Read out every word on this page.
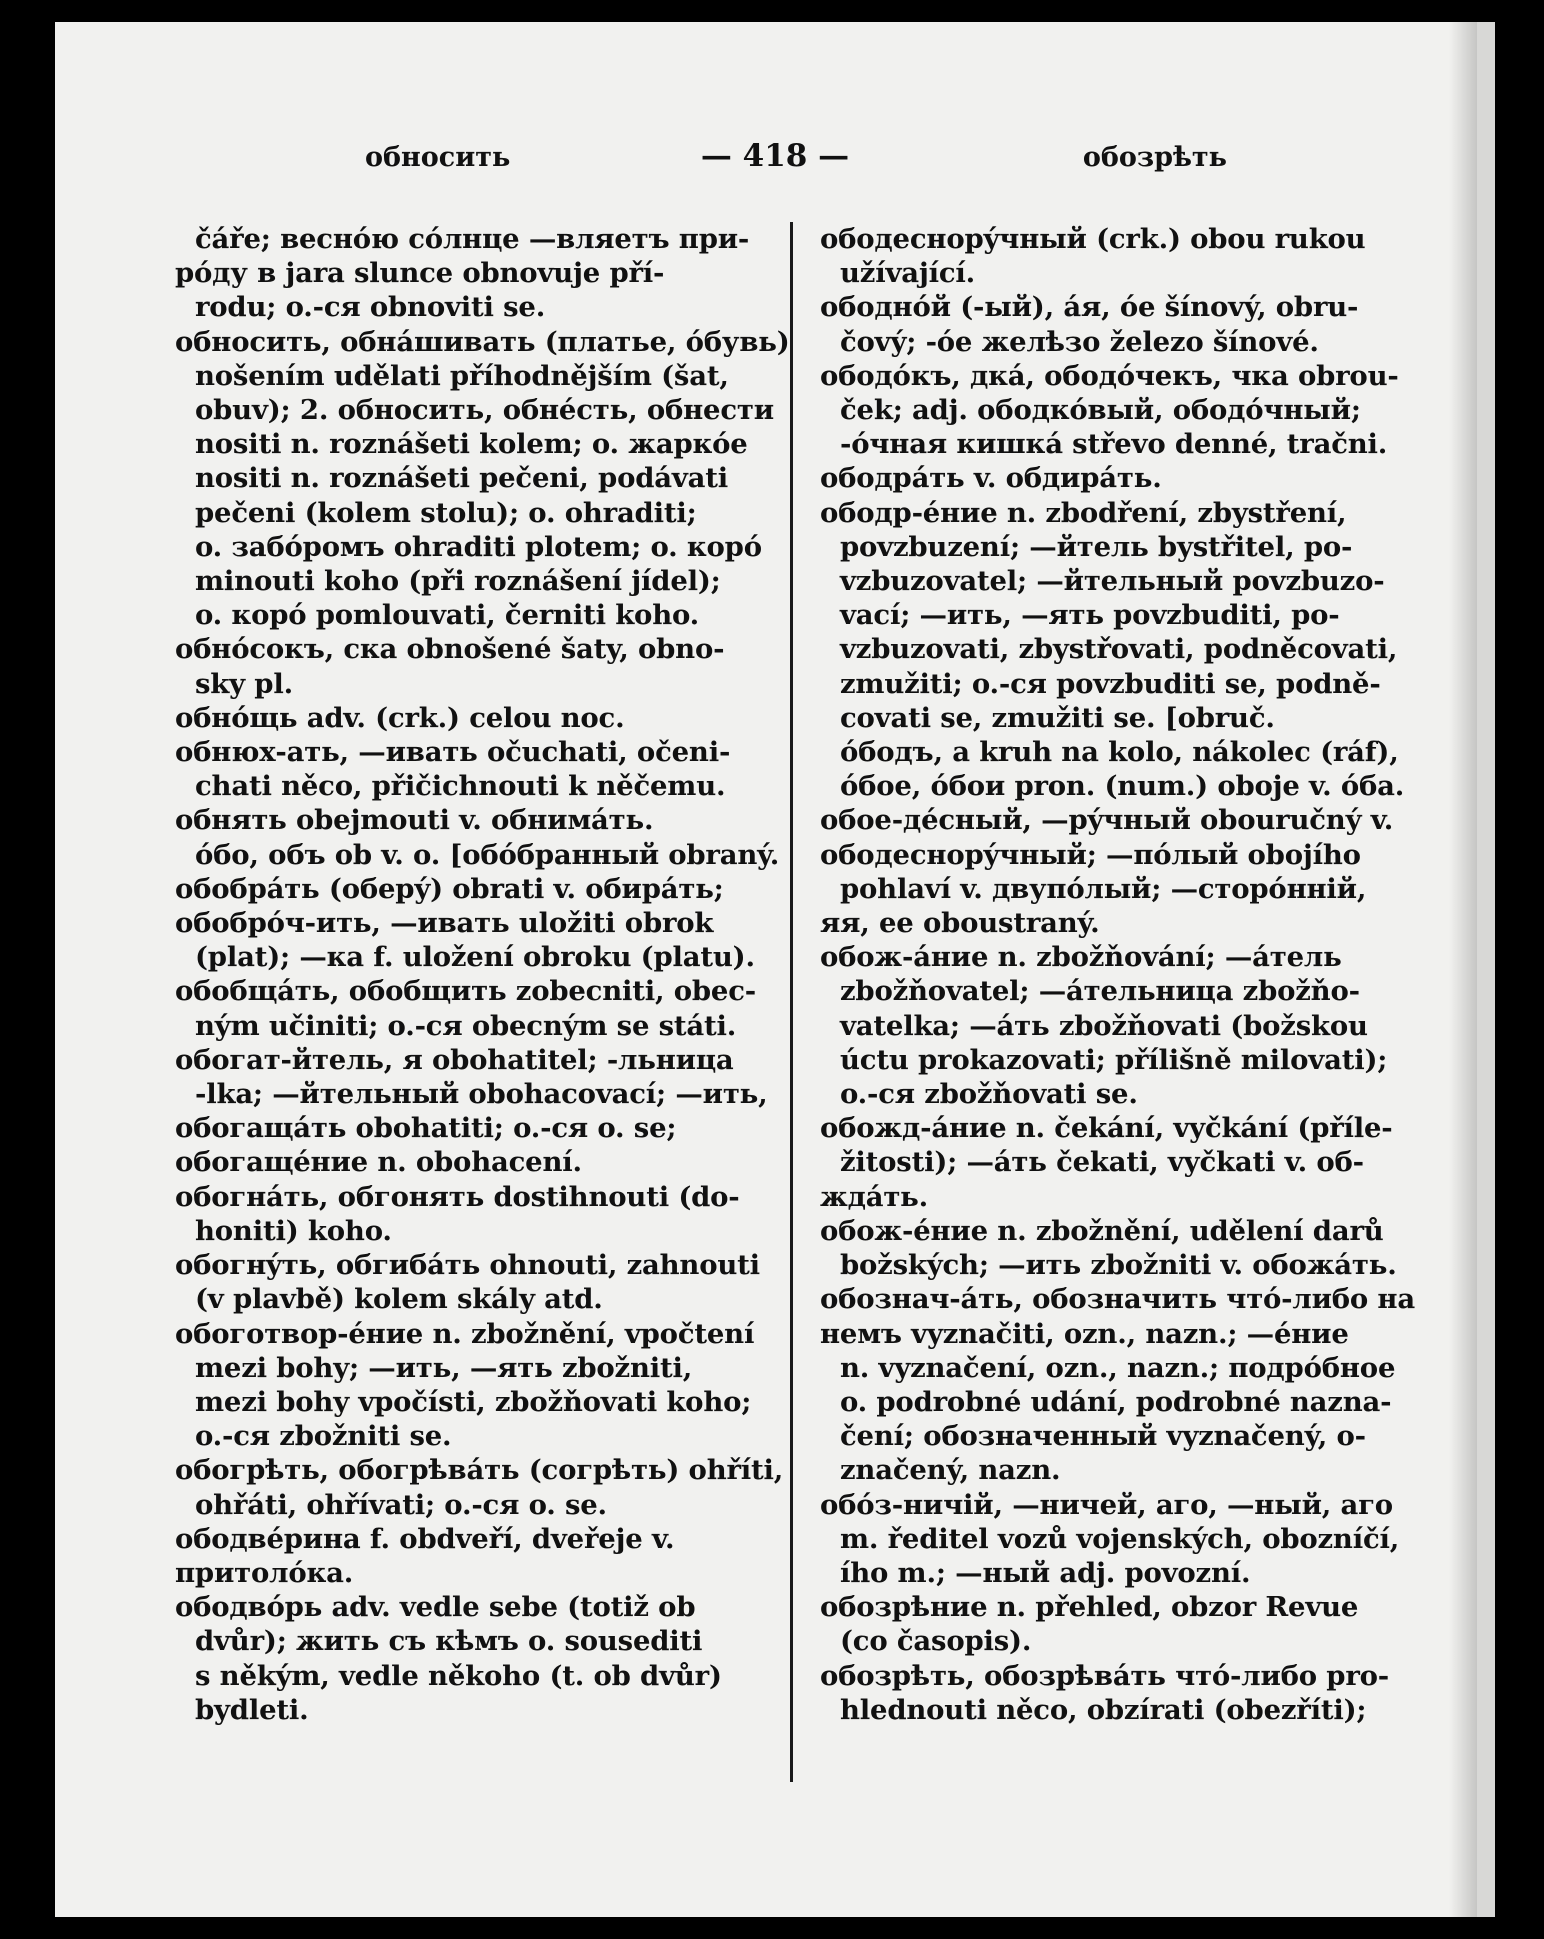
обносить	— 418 —	обозрѣть
čáře; веснóю сóлнце —вляетъ при-
рóду в jara slunce obnovuje pří-
rodu; o.-ся obnoviti se.
обносить, обнáшивать (платье, óбувь)
nošením udělati příhodnějším (šat,
obuv); 2. обносить, обнéсть, обнести
nositi n. roznášeti kolem; o. жаркóе
nositi n. roznášeti pečeni, podávati
pečeni (kolem stolu); o. ohraditi;
o. забóромъ ohraditi plotem; o. корó
minouti koho (při roznášení jídel);
o. корó pomlouvati, černiti koho.
обнóсокъ, ска obnošené šaty, obno-
sky pl.
обнóщь adv. (crk.) celou noc.
обнюх-ать, —ивать očuchati, očeni-
chati něco, přičichnouti k něčemu.
обнять obejmouti v. обнимáть.
óбо, объ ob v. o. [обóбранный obraný.
обобрáть (оберý) obrati v. обирáть;
обобрóч-ить, —ивать uložiti obrok
(plat); —ка f. uložení obroku (platu).
обобщáть, обобщить zobecniti, obec-
ným učiniti; o.-ся obecným se státi.
обогат-йтель, я obohatitel; -льница
-lka; —йтельный obohacovací; —ить,
обогащáть obohatiti; o.-ся o. se;
обогащéние n. obohacení.
обогнáть, обгонять dostihnouti (do-
honiti) koho.
обогнýть, обгибáть ohnouti, zahnouti
(v plavbě) kolem skály atd.
обоготвор-éние n. zbožnění, vpočtení
mezi bohy; —ить, —ять zbožniti,
mezi bohy vpočísti, zbožňovati koho;
o.-ся zbožniti se.
обогрѣть, обогрѣвáть (согрѣть) ohříti,
ohřáti, ohřívati; o.-ся o. se.
ободвéрина f. obdveří, dveřeje v.
притолóка.
ободвóрь adv. vedle sebe (totiž ob
dvůr); жить съ кѣмъ o. sousediti
s někým, vedle někoho (t. ob dvůr)
bydleti.
ободеснорýчный (crk.) obou rukou
užívající.
ободнóй (-ый), áя, óе šínový, obru-
čový; -óе желѣзо železo šínové.
ободóкъ, дкá, ободóчекъ, чка obrou-
ček; adj. ободкóвый, ободóчный;
-óчная кишкá střevo denné, tračni.
ободрáть v. обдирáть.
ободр-éние n. zbodření, zbystření,
povzbuzení; —йтель bystřitel, po-
vzbuzovatel; —йтельный povzbuzo-
vací; —ить, —ять povzbuditi, po-
vzbuzovati, zbystřovati, podněcovati,
zmužiti; o.-ся povzbuditi se, podně-
covati se, zmužiti se. [obruč.
óбодъ, а kruh na kolo, nákolec (ráf),
óбое, óбои pron. (num.) oboje v. óба.
обое-дéсный, —рýчный obouručný v.
ободеснорýчный; —пóлый obojího
pohlaví v. двупóлый; —сторóнній,
яя, ее oboustraný.
обож-áние n. zbožňování; —áтель
zbožňovatel; —áтельница zbožňo-
vatelka; —áть zbožňovati (božskou
úctu prokazovati; přílišně milovati);
o.-ся zbožňovati se.
обожд-áние n. čekání, vyčkání (příle-
žitosti); —áть čekati, vyčkati v. об-
ждáть.
обож-éние n. zbožnění, udělení darů
božských; —ить zbožniti v. обожáть.
обознач-áть, обозначить чтó-либо на
немъ vyznačiti, ozn., nazn.; —éние
n. vyznačení, ozn., nazn.; подрóбное
o. podrobné udání, podrobné nazna-
čení; обозначенный vyznačený, o-
značený, nazn.
обóз-ничій, —ничей, аго, —ный, аго
m. ředitel vozů vojenských, obozníčí,
ího m.; —ный adj. povozní.
обозрѣние n. přehled, obzor Revue
(co časopis).
обозрѣть, обозрѣвáть чтó-либо pro-
hlednouti něco, obzírati (obezříti);
